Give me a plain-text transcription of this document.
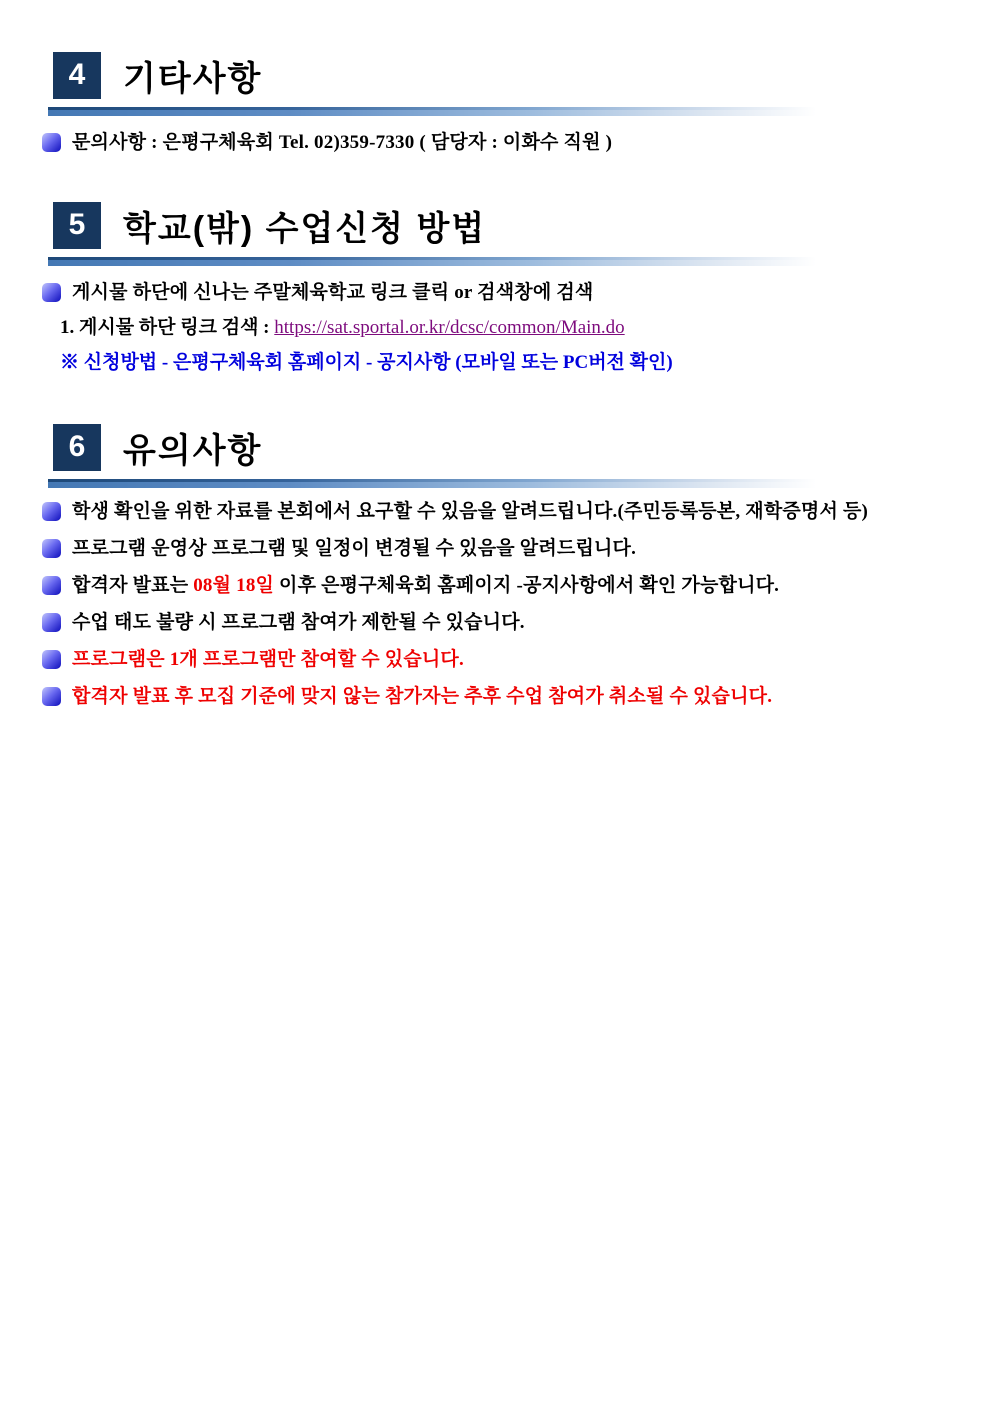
4 기타사항
문의사항 : 은평구체육회 Tel. 02)359-7330 ( 담당자 : 이화수 직원 )
5 학교(밖) 수업신청 방법
게시물 하단에 신나는 주말체육학교 링크 클릭 or 검색창에 검색
1. 게시물 하단 링크 검색 : https://sat.sportal.or.kr/dcsc/common/Main.do
※ 신청방법 - 은평구체육회 홈페이지 - 공지사항 (모바일 또는 PC버전 확인)
6 유의사항
학생 확인을 위한 자료를 본회에서 요구할 수 있음을 알려드립니다.(주민등록등본, 재학증명서 등)
프로그램 운영상 프로그램 및 일정이 변경될 수 있음을 알려드립니다.
합격자 발표는 08월 18일 이후 은평구체육회 홈페이지 -공지사항에서 확인 가능합니다.
수업 태도 불량 시 프로그램 참여가 제한될 수 있습니다.
프로그램은 1개 프로그램만 참여할 수 있습니다.
합격자 발표 후 모집 기준에 맞지 않는 참가자는 추후 수업 참여가 취소될 수 있습니다.
